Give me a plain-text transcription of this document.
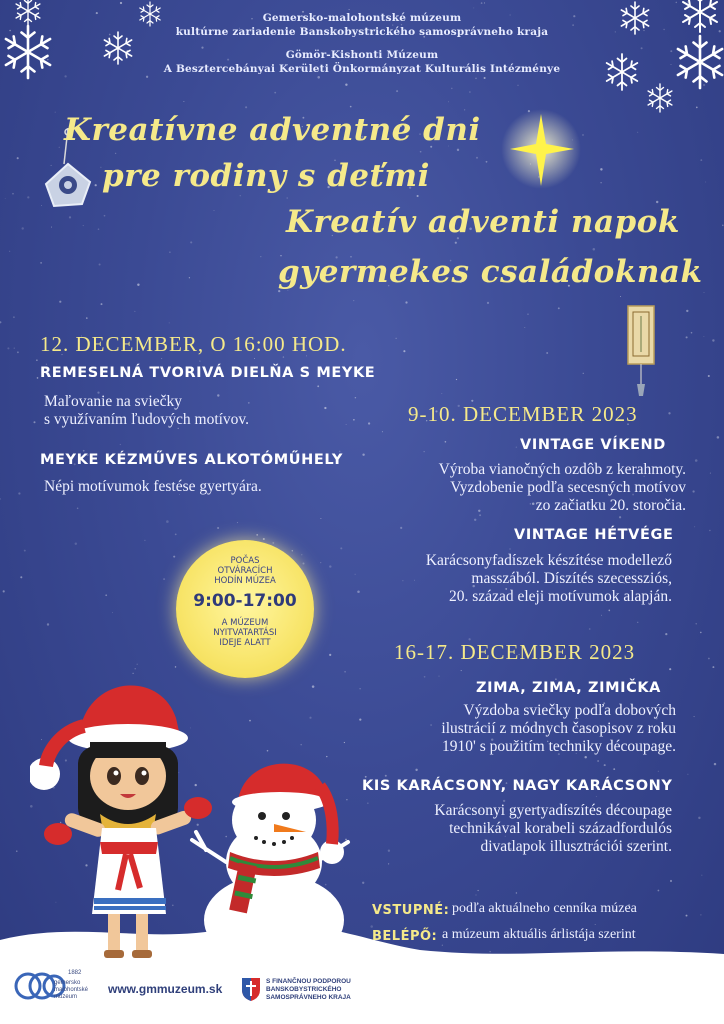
Gemersko-malohontské múzeum
kultúrne zariadenie Banskobystrického samosprávneho kraja
Gömör-Kishonti Múzeum
A Besztercebányai Kerületi Önkormányzat Kulturális Intézménye
Kreatívne adventné dni
pre rodiny s deťmi
Kreatív adventi napok
gyermekes családoknak
12. DECEMBER, O 16:00 HOD.
REMESELNÁ TVORIVÁ DIELŇA S MEYKE
Maľovanie na sviečky
s využívaním ľudových motívov.
MEYKE KÉZMŰVES ALKOTÓMŰHELY
Népi motívumok festése gyertyára.
9-10. DECEMBER 2023
VINTAGE VÍKEND
Výroba vianočných ozdôb z kerahmoty.
Vyzdobenie podľa secesných motívov
zo začiatku 20. storočia.
VINTAGE HÉTVÉGE
Karácsonyfadíszek készítése modellező
masszából. Díszítés szecessziós,
20. század eleji motívumok alapján.
POČAS
OTVÁRACÍCH
HODÍN MÚZEA
9:00-17:00
A MÚZEUM
NYITVATARTÁSI
IDEJE ALATT	16-17. DECEMBER 2023
ZIMA, ZIMA, ZIMIČKA
Výzdoba sviečky podľa dobových
ilustrácií z módnych časopisov z roku
1910' s použitím techniky découpage.
KIS KARÁCSONY, NAGY KARÁCSONY
Karácsonyi gyertyadíszítés découpage
technikával korabeli századfordulós
divatlapok illusztrációi szerint.
VSTUPNÉ: podľa aktuálneho cenníka múzea
BELÉPŐ: a múzeum aktuális árlistája szerint
1882
gemersko
malohontské
múzeum
www.gmmuzeum.sk
S FINANČNOU PODPOROU
BANSKOBYSTRICKÉHO
SAMOSPRÁVNEHO KRAJA
